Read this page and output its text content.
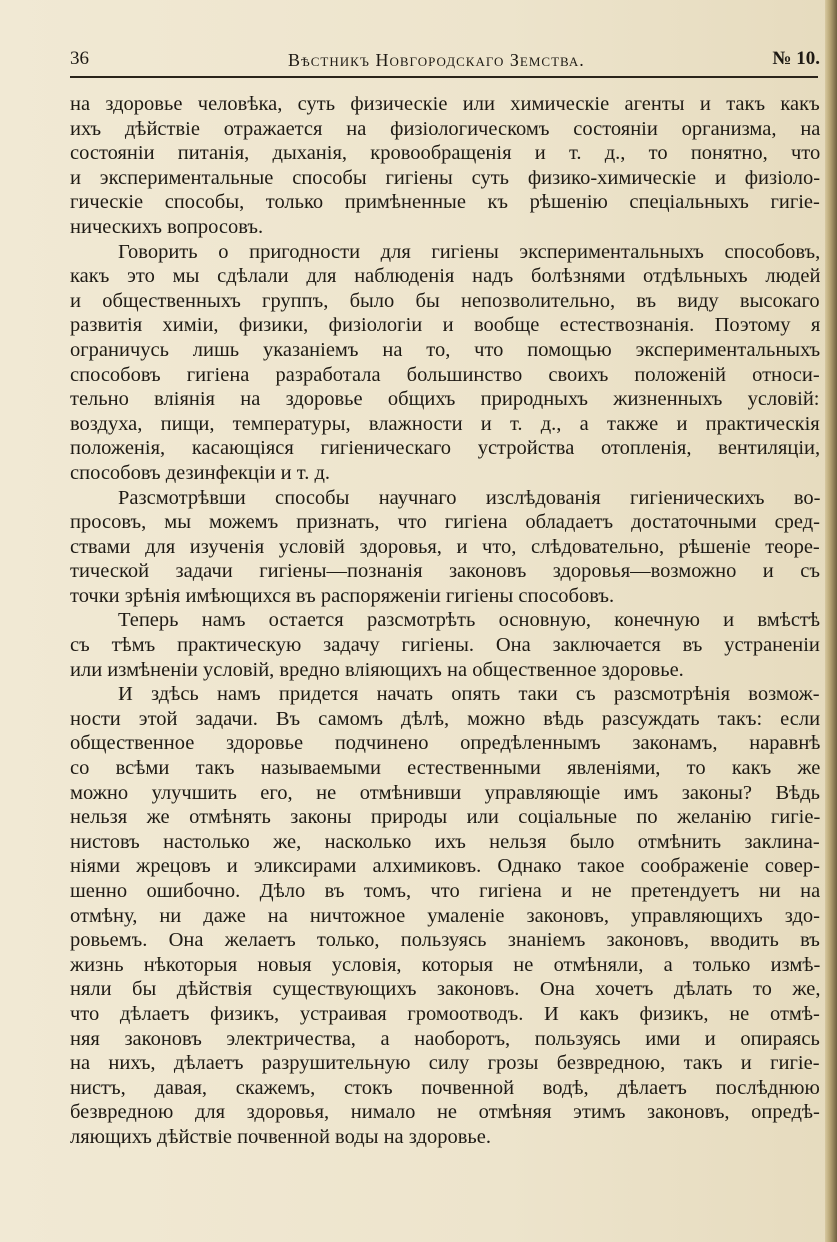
36	Вѣстникъ Новгородскаго Земства.	№ 10.
на здоровье человѣка, суть физическіе или химическіе агенты и такъ какъ
ихъ дѣйствіе отражается на физіологическомъ состояніи организма, на
состояніи питанія, дыханія, кровообращенія и т. д., то понятно, что
и экспериментальные способы гигіены суть физико-химическіе и физіоло-
гическіе способы, только примѣненные къ рѣшенію спеціальныхъ гигіе-
ническихъ вопросовъ.
Говорить о пригодности для гигіены экспериментальныхъ способовъ,
какъ это мы сдѣлали для наблюденія надъ болѣзнями отдѣльныхъ людей
и общественныхъ группъ, было бы непозволительно, въ виду высокаго
развитія химіи, физики, физіологіи и вообще естествознанія. Поэтому я
ограничусь лишь указаніемъ на то, что помощью экспериментальныхъ
способовъ гигіена разработала большинство своихъ положеній относи-
тельно вліянія на здоровье общихъ природныхъ жизненныхъ условій:
воздуха, пищи, температуры, влажности и т. д., а также и практическія
положенія, касающіяся гигіеническаго устройства отопленія, вентиляціи,
способовъ дезинфекціи и т. д.
Разсмотрѣвши способы научнаго изслѣдованія гигіеническихъ во-
просовъ, мы можемъ признать, что гигіена обладаетъ достаточными сред-
ствами для изученія условій здоровья, и что, слѣдовательно, рѣшеніе теоре-
тической задачи гигіены—познанія законовъ здоровья—возможно и съ
точки зрѣнія имѣющихся въ распоряженіи гигіены способовъ.
Теперь намъ остается разсмотрѣть основную, конечную и вмѣстѣ
съ тѣмъ практическую задачу гигіены. Она заключается въ устраненіи
или измѣненіи условій, вредно вліяющихъ на общественное здоровье.
И здѣсь намъ придется начать опять таки съ разсмотрѣнія возмож-
ности этой задачи. Въ самомъ дѣлѣ, можно вѣдь разсуждать такъ: если
общественное здоровье подчинено опредѣленнымъ законамъ, наравнѣ
со всѣми такъ называемыми естественными явленіями, то какъ же
можно улучшить его, не отмѣнивши управляющіе имъ законы? Вѣдь
нельзя же отмѣнять законы природы или соціальные по желанію гигіе-
нистовъ настолько же, насколько ихъ нельзя было отмѣнить заклина-
ніями жрецовъ и эликсирами алхимиковъ. Однако такое соображеніе совер-
шенно ошибочно. Дѣло въ томъ, что гигіена и не претендуетъ ни на
отмѣну, ни даже на ничтожное умаленіе законовъ, управляющихъ здо-
ровьемъ. Она желаетъ только, пользуясь знаніемъ законовъ, вводить въ
жизнь нѣкоторыя новыя условія, которыя не отмѣняли, а только измѣ-
няли бы дѣйствія существующихъ законовъ. Она хочетъ дѣлать то же,
что дѣлаетъ физикъ, устраивая громоотводъ. И какъ физикъ, не отмѣ-
няя законовъ электричества, а наоборотъ, пользуясь ими и опираясь
на нихъ, дѣлаетъ разрушительную силу грозы безвредною, такъ и гигіе-
нистъ, давая, скажемъ, стокъ почвенной водѣ, дѣлаетъ послѣднюю
безвредною для здоровья, нимало не отмѣняя этимъ законовъ, опредѣ-
ляющихъ дѣйствіе почвенной воды на здоровье.
